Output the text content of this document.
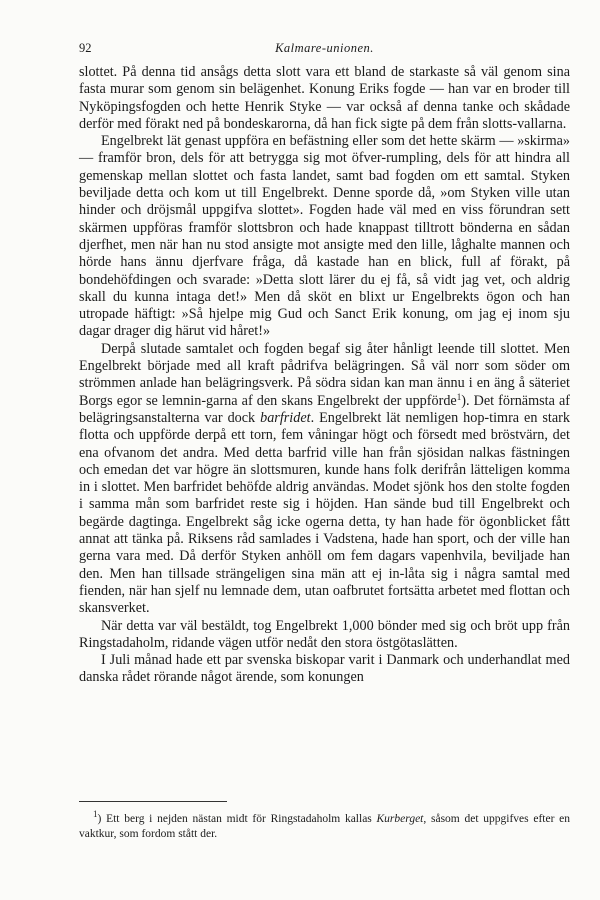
92	Kalmare-unionen.

slottet. På denna tid ansågs detta slott vara ett bland de starkaste så väl genom sina fasta murar som genom sin belägenhet. Konung Eriks fogde — han var en broder till Nyköpingsfogden och hette Henrik Styke — var också af denna tanke och skådade derför med förakt ned på bondeskarorna, då han fick sigte på dem från slotts-vallarna.

Engelbrekt lät genast uppföra en befästning eller som det hette skärm — »skirma» — framför bron, dels för att betrygga sig mot öfver-rumpling, dels för att hindra all gemenskap mellan slottet och fasta landet, samt bad fogden om ett samtal. Styken beviljade detta och kom ut till Engelbrekt. Denne sporde då, »om Styken ville utan hinder och dröjsmål uppgifva slottet». Fogden hade väl med en viss förundran sett skärmen uppföras framför slottsbron och hade knappast tilltrott bönderna en sådan djerfhet, men när han nu stod ansigte mot ansigte med den lille, låghalte mannen och hörde hans ännu djerfvare fråga, då kastade han en blick, full af förakt, på bondehöfdingen och svarade: »Detta slott lärer du ej få, så vidt jag vet, och aldrig skall du kunna intaga det!» Men då sköt en blixt ur Engelbrekts ögon och han utropade häftigt: »Så hjelpe mig Gud och Sanct Erik konung, om jag ej inom sju dagar drager dig härut vid håret!»

Derpå slutade samtalet och fogden begaf sig åter hånligt leende till slottet. Men Engelbrekt började med all kraft pådrifva belägringen. Så väl norr som söder om strömmen anlade han belägringsverk. På södra sidan kan man ännu i en äng å säteriet Borgs egor se lemnin-garna af den skans Engelbrekt der uppförde$^1$). Det förnämsta af belägringsanstalterna var dock barfridet. Engelbrekt lät nemligen hop-timra en stark flotta och uppförde derpå ett torn, fem våningar högt och försedt med bröstvärn, det ena ofvanom det andra. Med detta barfrid ville han från sjösidan nalkas fästningen och emedan det var högre än slottsmuren, kunde hans folk derifrån lätteligen komma in i slottet. Men barfridet behöfde aldrig användas. Modet sjönk hos den stolte fogden i samma mån som barfridet reste sig i höjden. Han sände bud till Engelbrekt och begärde dagtinga. Engelbrekt såg icke ogerna detta, ty han hade för ögonblicket fått annat att tänka på. Riksens råd samlades i Vadstena, hade han sport, och der ville han gerna vara med. Då derför Styken anhöll om fem dagars vapenhvila, beviljade han den. Men han tillsade strängeligen sina män att ej in-låta sig i några samtal med fienden, när han sjelf nu lemnade dem, utan oafbrutet fortsätta arbetet med flottan och skansverket.

När detta var väl bestäldt, tog Engelbrekt 1,000 bönder med sig och bröt upp från Ringstadaholm, ridande vägen utför nedåt den stora östgötaslätten.

I Juli månad hade ett par svenska biskopar varit i Danmark och underhandlat med danska rådet rörande något ärende, som konungen

$^1$) Ett berg i nejden nästan midt för Ringstadaholm kallas Kurberget, såsom det uppgifves efter en vaktkur, som fordom stått der.
